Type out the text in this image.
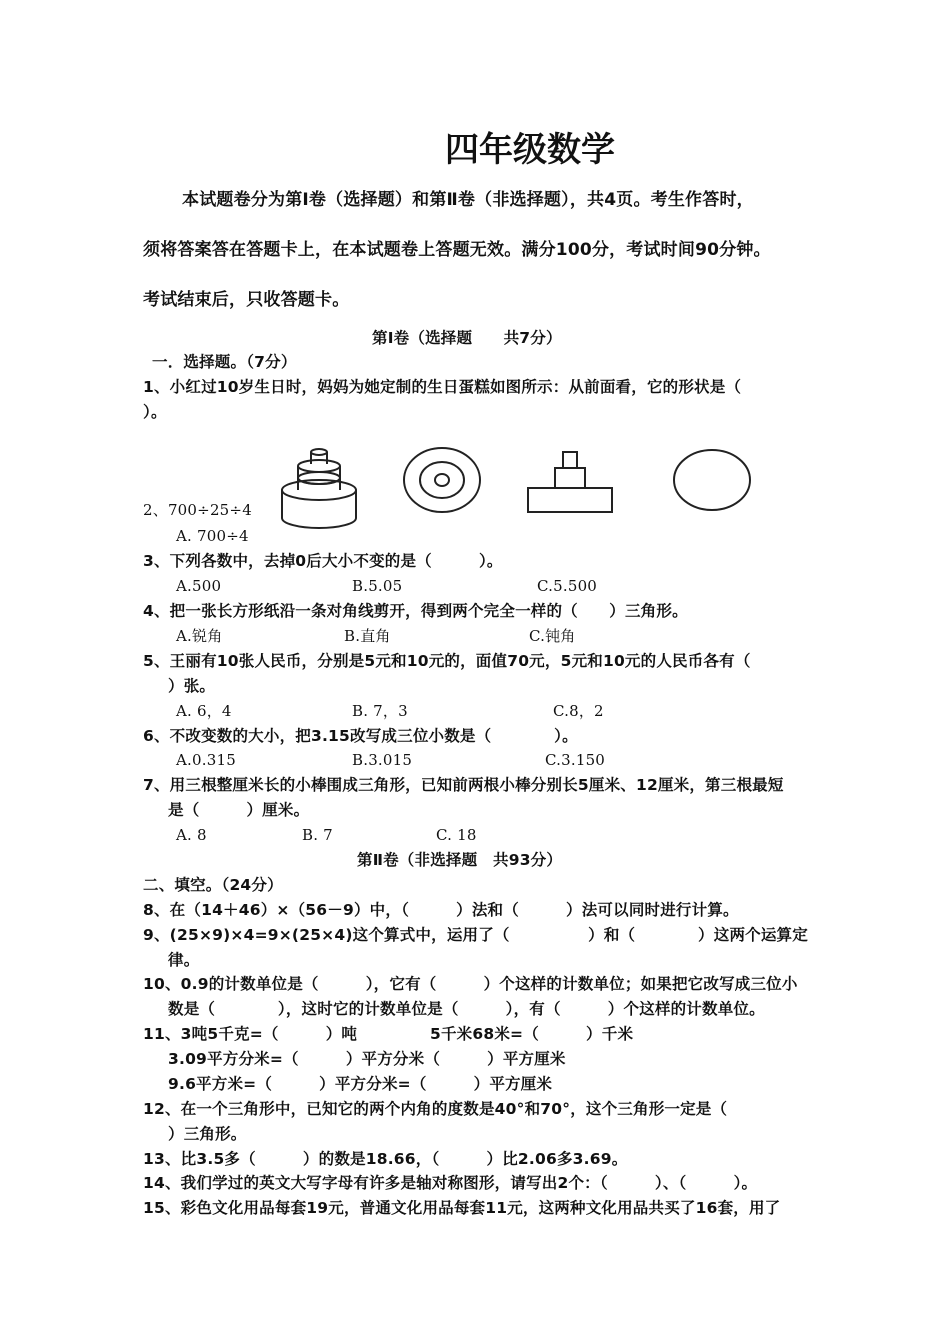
四年级数学
本试题卷分为第Ⅰ卷（选择题）和第Ⅱ卷（非选择题），共4页。考生作答时，
须将答案答在答题卡上，在本试题卷上答题无效。满分100分，考试时间90分钟。
考试结束后，只收答题卡。
第Ⅰ卷（选择题　　共7分）
一．选择题。（7分）
1、小红过10岁生日时，妈妈为她定制的生日蛋糕如图所示：从前面看，它的形状是（
）。
2、700÷25÷4
A. 700÷4
3、下列各数中，去掉0后大小不变的是（　　　）。
A.500	B.5.05	C.5.500
4、把一张长方形纸沿一条对角线剪开，得到两个完全一样的（　　）三角形。
A.锐角	B.直角	C.钝角
5、王丽有10张人民币，分别是5元和10元的，面值70元，5元和10元的人民币各有（
）张。
A. 6，4	B. 7，3	C.8，2
6、不改变数的大小，把3.15改写成三位小数是（　　　　）。
A.0.315	B.3.015	C.3.150
7、用三根整厘米长的小棒围成三角形，已知前两根小棒分别长5厘米、12厘米，第三根最短
是（　　　）厘米。
A. 8	B. 7	C. 18
第Ⅱ卷（非选择题　共93分）
二、填空。（24分）
8、在（14＋46）×（56－9）中，（　　　）法和（　　　）法可以同时进行计算。
9、(25×9)×4=9×(25×4)这个算式中，运用了（　　　　　）和（　　　　）这两个运算定
律。
10、0.9的计数单位是（　　　），它有（　　　）个这样的计数单位；如果把它改写成三位小
数是（　　　　），这时它的计数单位是（　　　），有（　　　）个这样的计数单位。
11、3吨5千克=（　　　）吨	5千米68米=（　　　）千米
3.09平方分米=（　　　）平方分米（　　　）平方厘米
9.6平方米=（　　　）平方分米=（　　　）平方厘米
12、在一个三角形中，已知它的两个内角的度数是40°和70°，这个三角形一定是（
）三角形。
13、比3.5多（　　　）的数是18.66，（　　　）比2.06多3.69。
14、我们学过的英文大写字母有许多是轴对称图形，请写出2个：（　　　）、（　　　）。
15、彩色文化用品每套19元，普通文化用品每套11元，这两种文化用品共买了16套，用了
